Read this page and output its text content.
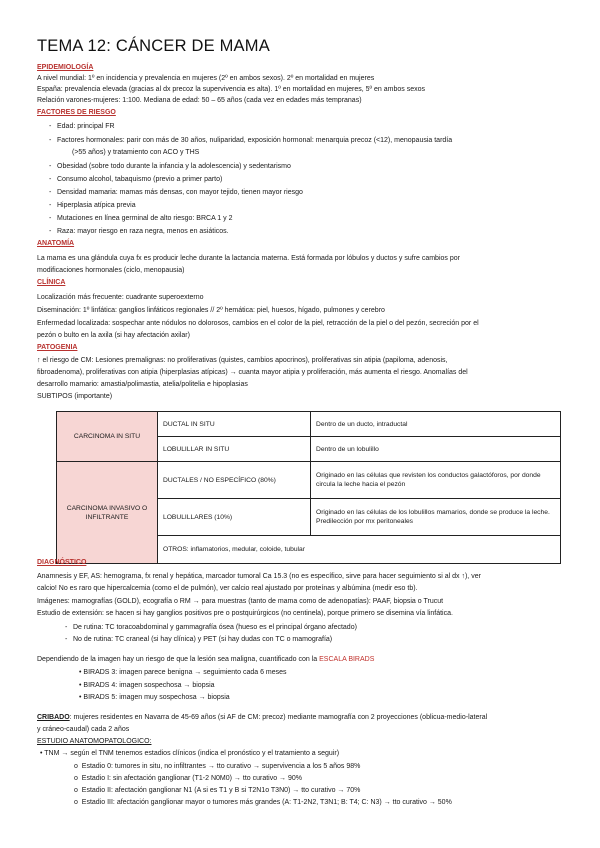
TEMA 12: CÁNCER DE MAMA
EPIDEMIOLOGÍA
A nivel mundial: 1º en incidencia y prevalencia en mujeres (2º en ambos sexos). 2º en mortalidad en mujeres
España: prevalencia elevada (gracias al dx precoz la supervivencia es alta). 1º en mortalidad en mujeres, 5º en ambos sexos
Relación varones-mujeres: 1:100. Mediana de edad: 50 – 65 años (cada vez en edades más tempranas)
FACTORES DE RIESGO
- Edad: principal FR
- Factores hormonales: parir con más de 30 años, nuliparidad, exposición hormonal: menarquia precoz (<12), menopausia tardía
(>55 años) y tratamiento con ACO y THS
- Obesidad (sobre todo durante la infancia y la adolescencia) y sedentarismo
- Consumo alcohol, tabaquismo (previo a primer parto)
- Densidad mamaria: mamas más densas, con mayor tejido, tienen mayor riesgo
- Hiperplasia atípica previa
- Mutaciones en línea germinal de alto riesgo: BRCA 1 y 2
- Raza: mayor riesgo en raza negra, menos en asiáticos.
ANATOMÍA
La mama es una glándula cuya fx es producir leche durante la lactancia materna. Está formada por lóbulos y ductos y sufre cambios por
modificaciones hormonales (ciclo, menopausia)
CLÍNICA
Localización más frecuente: cuadrante superoexterno
Diseminación: 1º linfática: ganglios linfáticos regionales // 2º hemática: piel, huesos, hígado, pulmones y cerebro
Enfermedad localizada: sospechar ante nódulos no dolorosos, cambios en el color de la piel, retracción de la piel o del pezón, secreción por el
pezón o bulto en la axila (si hay afectación axilar)
PATOGENIA
↑ el riesgo de CM: Lesiones premalignas: no proliferativas (quistes, cambios apocrinos), proliferativas sin atipia (papiloma, adenosis,
fibroadenoma), proliferativas con atipia (hiperplasias atípicas) → cuanta mayor atipia y proliferación, más aumenta el riesgo. Anomalías del
desarrollo mamario: amastia/polimastia, atelia/politelia e hipoplasias
SUBTIPOS (importante)
CARCINOMA IN SITU	DUCTAL IN SITU	Dentro de un ducto, intraductal
	LOBULILLAR IN SITU	Dentro de un lobulillo
CARCINOMA INVASIVO O INFILTRANTE	DUCTALES / NO ESPECÍFICO (80%)	Originado en las células que revisten los conductos galactóforos, por donde circula la leche hacia el pezón
	LOBULILLARES (10%)	Originado en las células de los lobulillos mamarios, donde se produce la leche. Predilección por mx peritoneales
	OTROS: inflamatorios, medular, coloide, tubular	
DIAGNÓSTICO
Anamnesis y EF, AS: hemograma, fx renal y hepática, marcador tumoral Ca 15.3 (no es específico, sirve para hacer seguimiento si al dx ↑), ver
calcio! No es raro que hipercalcemia (como el de pulmón), ver calcio real ajustado por proteínas y albúmina (medir eso tb).
Imágenes: mamografías (GOLD), ecografía o RM → para muestras (tanto de mama como de adenopatías): PAAF, biopsia o Trucut
Estudio de extensión: se hacen si hay ganglios positivos pre o postquirúrgicos (no centinela), porque primero se disemina vía linfática.
- De rutina: TC toracoabdominal y gammagrafía ósea (hueso es el principal órgano afectado)
- No de rutina: TC craneal (si hay clínica) y PET (si hay dudas con TC o mamografía)
Dependiendo de la imagen hay un riesgo de que la lesión sea maligna, cuantificado con la ESCALA BIRADS
• BIRADS 3: imagen parece benigna → seguimiento cada 6 meses
• BIRADS 4: imagen sospechosa → biopsia
• BIRADS 5: imagen muy sospechosa → biopsia
CRIBADO: mujeres residentes en Navarra de 45-69 años (si AF de CM: precoz) mediante mamografía con 2 proyecciones (oblicua-medio-lateral
y cráneo-caudal) cada 2 años
ESTUDIO ANATOMOPATOLÓGICO:
• TNM → según el TNM tenemos estadios clínicos (indica el pronóstico y el tratamiento a seguir)
o  Estadio 0: tumores in situ, no infiltrantes → tto curativo → supervivencia a los 5 años 98%
o  Estadio I: sin afectación ganglionar (T1-2 N0M0) → tto curativo → 90%
o  Estadio II: afectación ganglionar N1 (A si es T1 y B si T2N1o T3N0) → tto curativo → 70%
o  Estadio III: afectación ganglionar mayor o tumores más grandes (A: T1-2N2, T3N1; B: T4; C: N3) → tto curativo → 50%
